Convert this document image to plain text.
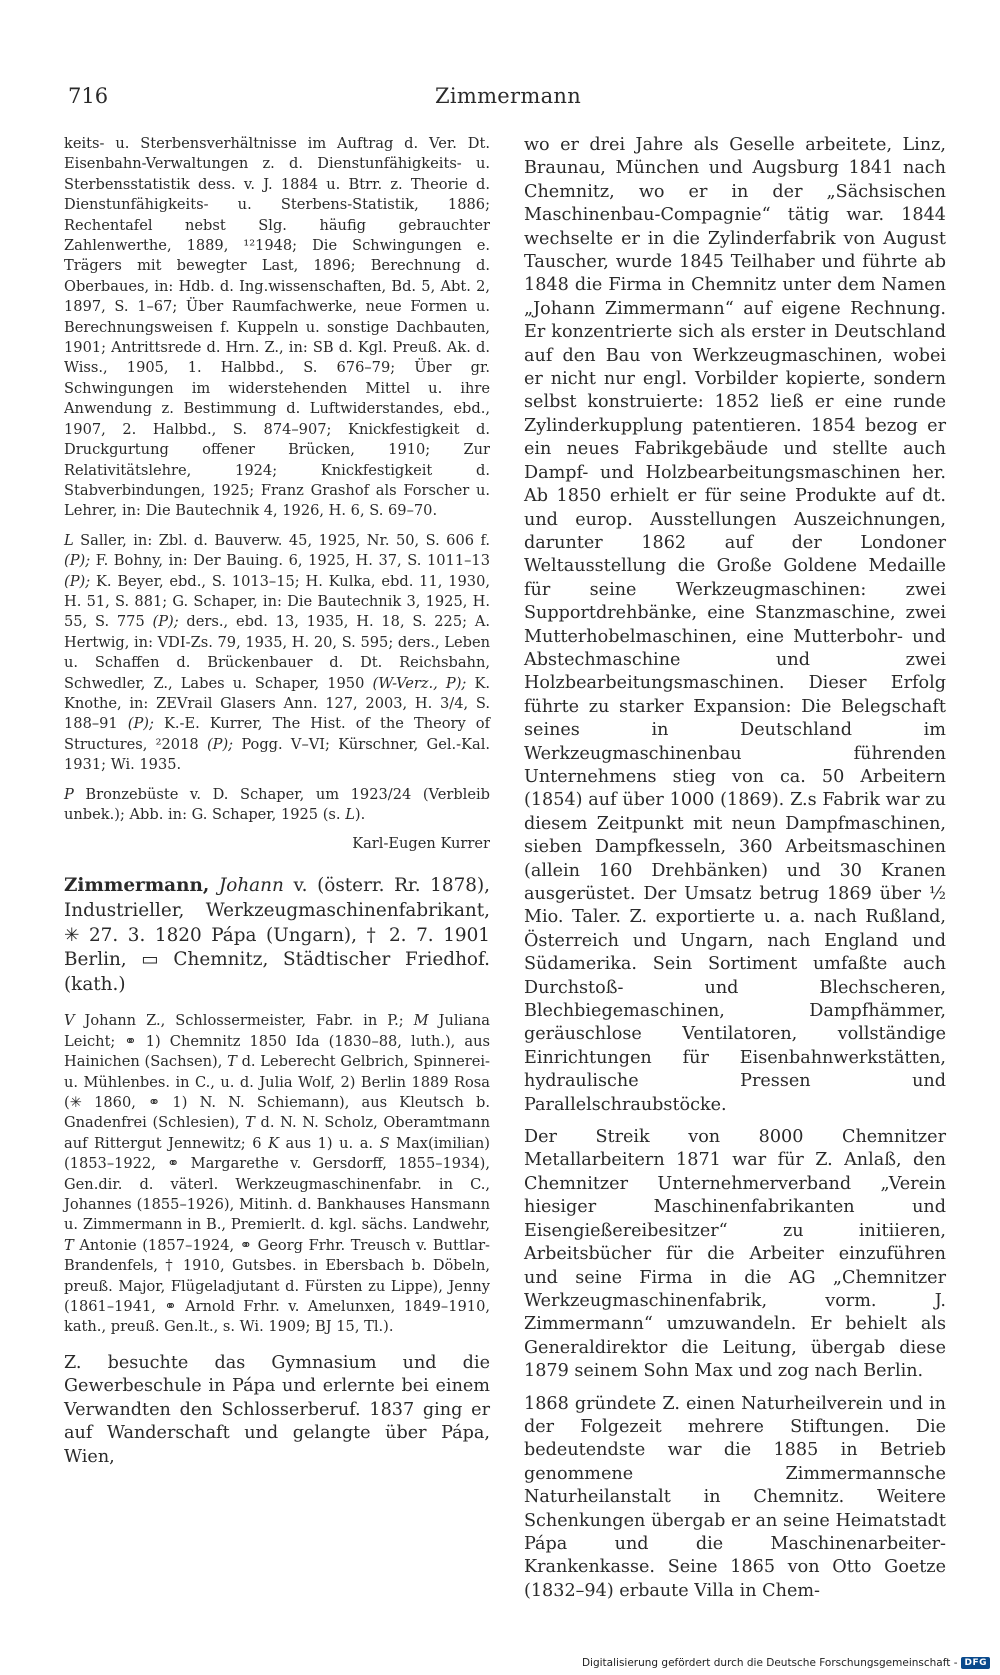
716	Zimmermann

keits- u. Sterbensverhältnisse im Auftrag d. Ver. Dt. Eisenbahn-Verwaltungen z. d. Dienstunfähigkeits- u. Sterbensstatistik dess. v. J. 1884 u. Btrr. z. Theorie d. Dienstunfähigkeits- u. Sterbens-Statistik, 1886; Rechentafel nebst Slg. häufig gebrauchter Zahlenwerthe, 1889, ¹²1948; Die Schwingungen e. Trägers mit bewegter Last, 1896; Berechnung d. Oberbaues, in: Hdb. d. Ing.wissenschaften, Bd. 5, Abt. 2, 1897, S. 1–67; Über Raumfachwerke, neue Formen u. Berechnungsweisen f. Kuppeln u. sonstige Dachbauten, 1901; Antrittsrede d. Hrn. Z., in: SB d. Kgl. Preuß. Ak. d. Wiss., 1905, 1. Halbbd., S. 676–79; Über gr. Schwingungen im widerstehenden Mittel u. ihre Anwendung z. Bestimmung d. Luftwiderstandes, ebd., 1907, 2. Halbbd., S. 874–907; Knickfestigkeit d. Druckgurtung offener Brücken, 1910; Zur Relativitätslehre, 1924; Knickfestigkeit d. Stabverbindungen, 1925; Franz Grashof als Forscher u. Lehrer, in: Die Bautechnik 4, 1926, H. 6, S. 69–70.

L Saller, in: Zbl. d. Bauverw. 45, 1925, Nr. 50, S. 606 f. (P); F. Bohny, in: Der Bauing. 6, 1925, H. 37, S. 1011–13 (P); K. Beyer, ebd., S. 1013–15; H. Kulka, ebd. 11, 1930, H. 51, S. 881; G. Schaper, in: Die Bautechnik 3, 1925, H. 55, S. 775 (P); ders., ebd. 13, 1935, H. 18, S. 225; A. Hertwig, in: VDI-Zs. 79, 1935, H. 20, S. 595; ders., Leben u. Schaffen d. Brückenbauer d. Dt. Reichsbahn, Schwedler, Z., Labes u. Schaper, 1950 (W-Verz., P); K. Knothe, in: ZEVrail Glasers Ann. 127, 2003, H. 3/4, S. 188–91 (P); K.-E. Kurrer, The Hist. of the Theory of Structures, ²2018 (P); Pogg. V–VI; Kürschner, Gel.-Kal. 1931; Wi. 1935.

P Bronzebüste v. D. Schaper, um 1923/24 (Verbleib unbek.); Abb. in: G. Schaper, 1925 (s. L).

Karl-Eugen Kurrer

Zimmermann, Johann v. (österr. Rr. 1878), Industrieller, Werkzeugmaschinenfabrikant, ✳ 27. 3. 1820 Pápa (Ungarn), † 2. 7. 1901 Berlin, ▭ Chemnitz, Städtischer Friedhof. (kath.)

V Johann Z., Schlossermeister, Fabr. in P.; M Juliana Leicht; ⚭ 1) Chemnitz 1850 Ida (1830–88, luth.), aus Hainichen (Sachsen), T d. Leberecht Gelbrich, Spinnerei- u. Mühlenbes. in C., u. d. Julia Wolf, 2) Berlin 1889 Rosa (✳ 1860, ⚭ 1) N. N. Schiemann), aus Kleutsch b. Gnadenfrei (Schlesien), T d. N. N. Scholz, Oberamtmann auf Rittergut Jennewitz; 6 K aus 1) u. a. S Max(imilian) (1853–1922, ⚭ Margarethe v. Gersdorff, 1855–1934), Gen.dir. d. väterl. Werkzeugmaschinenfabr. in C., Johannes (1855–1926), Mitinh. d. Bankhauses Hansmann u. Zimmermann in B., Premierlt. d. kgl. sächs. Landwehr, T Antonie (1857–1924, ⚭ Georg Frhr. Treusch v. Buttlar-Brandenfels, † 1910, Gutsbes. in Ebersbach b. Döbeln, preuß. Major, Flügeladjutant d. Fürsten zu Lippe), Jenny (1861–1941, ⚭ Arnold Frhr. v. Amelunxen, 1849–1910, kath., preuß. Gen.lt., s. Wi. 1909; BJ 15, Tl.).

Z. besuchte das Gymnasium und die Gewerbeschule in Pápa und erlernte bei einem Verwandten den Schlosserberuf. 1837 ging er auf Wanderschaft und gelangte über Pápa, Wien,

wo er drei Jahre als Geselle arbeitete, Linz, Braunau, München und Augsburg 1841 nach Chemnitz, wo er in der „Sächsischen Maschinenbau-Compagnie“ tätig war. 1844 wechselte er in die Zylinderfabrik von August Tauscher, wurde 1845 Teilhaber und führte ab 1848 die Firma in Chemnitz unter dem Namen „Johann Zimmermann“ auf eigene Rechnung. Er konzentrierte sich als erster in Deutschland auf den Bau von Werkzeugmaschinen, wobei er nicht nur engl. Vorbilder kopierte, sondern selbst konstruierte: 1852 ließ er eine runde Zylinderkupplung patentieren. 1854 bezog er ein neues Fabrikgebäude und stellte auch Dampf- und Holzbearbeitungsmaschinen her. Ab 1850 erhielt er für seine Produkte auf dt. und europ. Ausstellungen Auszeichnungen, darunter 1862 auf der Londoner Weltausstellung die Große Goldene Medaille für seine Werkzeugmaschinen: zwei Supportdrehbänke, eine Stanzmaschine, zwei Mutterhobelmaschinen, eine Mutterbohr- und Abstechmaschine und zwei Holzbearbeitungsmaschinen. Dieser Erfolg führte zu starker Expansion: Die Belegschaft seines in Deutschland im Werkzeugmaschinenbau führenden Unternehmens stieg von ca. 50 Arbeitern (1854) auf über 1000 (1869). Z.s Fabrik war zu diesem Zeitpunkt mit neun Dampfmaschinen, sieben Dampfkesseln, 360 Arbeitsmaschinen (allein 160 Drehbänken) und 30 Kranen ausgerüstet. Der Umsatz betrug 1869 über ½ Mio. Taler. Z. exportierte u. a. nach Rußland, Österreich und Ungarn, nach England und Südamerika. Sein Sortiment umfaßte auch Durchstoß- und Blechscheren, Blechbiegemaschinen, Dampfhämmer, geräuschlose Ventilatoren, vollständige Einrichtungen für Eisenbahnwerkstätten, hydraulische Pressen und Parallelschraubstöcke.

Der Streik von 8000 Chemnitzer Metallarbeitern 1871 war für Z. Anlaß, den Chemnitzer Unternehmerverband „Verein hiesiger Maschinenfabrikanten und Eisengießereibesitzer“ zu initiieren, Arbeitsbücher für die Arbeiter einzuführen und seine Firma in die AG „Chemnitzer Werkzeugmaschinenfabrik, vorm. J. Zimmermann“ umzuwandeln. Er behielt als Generaldirektor die Leitung, übergab diese 1879 seinem Sohn Max und zog nach Berlin.

1868 gründete Z. einen Naturheilverein und in der Folgezeit mehrere Stiftungen. Die bedeutendste war die 1885 in Betrieb genommene Zimmermannsche Naturheilanstalt in Chemnitz. Weitere Schenkungen übergab er an seine Heimatstadt Pápa und die Maschinenarbeiter-Krankenkasse. Seine 1865 von Otto Goetze (1832–94) erbaute Villa in Chem-

Digitalisierung gefördert durch die Deutsche Forschungsgemeinschaft - DFG
